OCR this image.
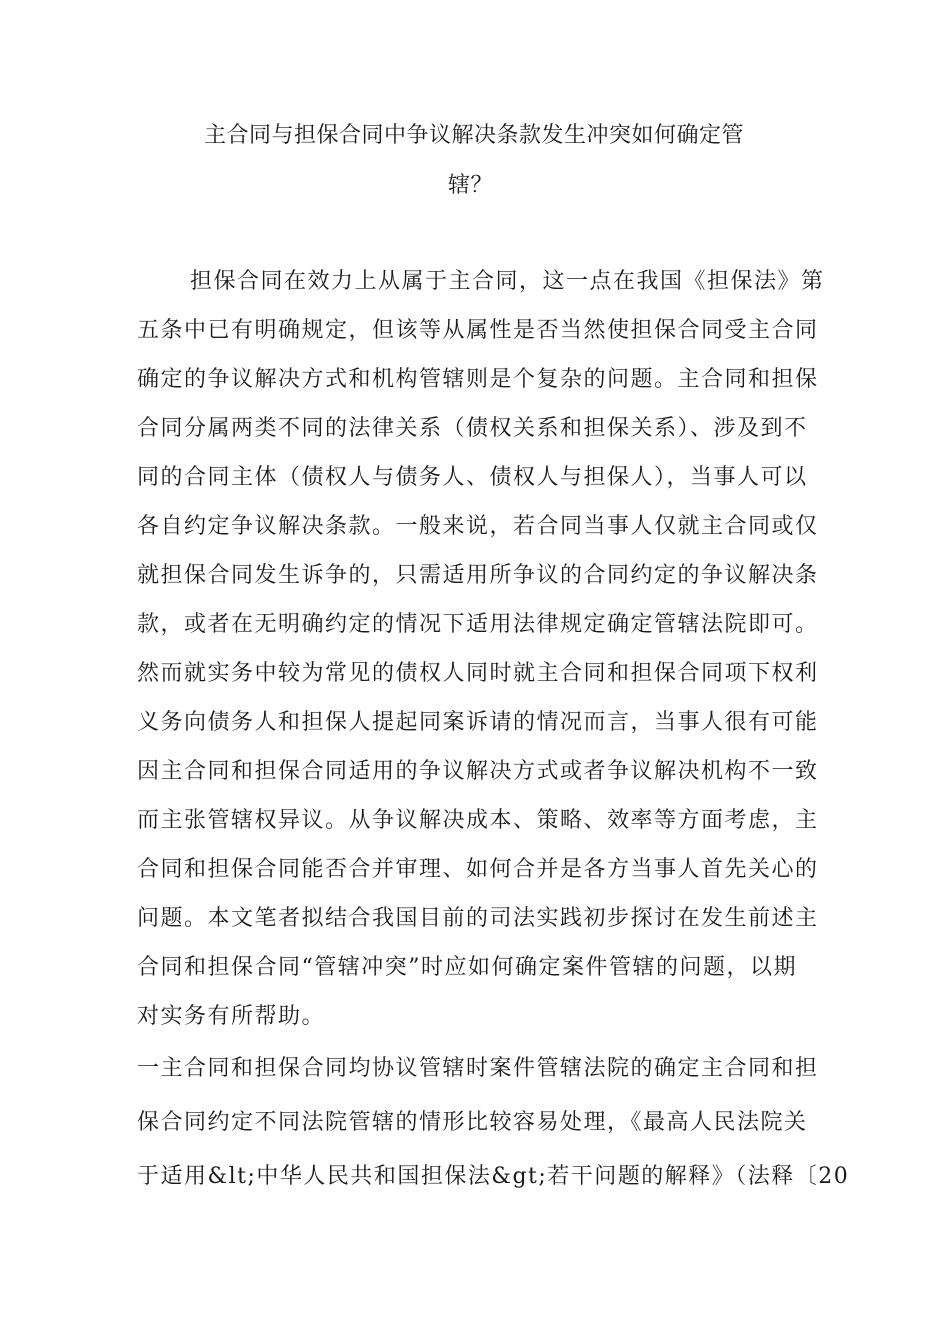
主合同与担保合同中争议解决条款发生冲突如何确定管
辖？
担保合同在效力上从属于主合同，这一点在我国《担保法》第
五条中已有明确规定，但该等从属性是否当然使担保合同受主合同
确定的争议解决方式和机构管辖则是个复杂的问题。主合同和担保
合同分属两类不同的法律关系（债权关系和担保关系）、涉及到不
同的合同主体（债权人与债务人、债权人与担保人），当事人可以
各自约定争议解决条款。一般来说，若合同当事人仅就主合同或仅
就担保合同发生诉争的，只需适用所争议的合同约定的争议解决条
款，或者在无明确约定的情况下适用法律规定确定管辖法院即可。
然而就实务中较为常见的债权人同时就主合同和担保合同项下权利
义务向债务人和担保人提起同案诉请的情况而言，当事人很有可能
因主合同和担保合同适用的争议解决方式或者争议解决机构不一致
而主张管辖权异议。从争议解决成本、策略、效率等方面考虑，主
合同和担保合同能否合并审理、如何合并是各方当事人首先关心的
问题。本文笔者拟结合我国目前的司法实践初步探讨在发生前述主
合同和担保合同“管辖冲突”时应如何确定案件管辖的问题，以期
对实务有所帮助。
一主合同和担保合同均协议管辖时案件管辖法院的确定主合同和担
保合同约定不同法院管辖的情形比较容易处理，《最高人民法院关
于适用&lt;中华人民共和国担保法&gt;若干问题的解释》（法释〔20
